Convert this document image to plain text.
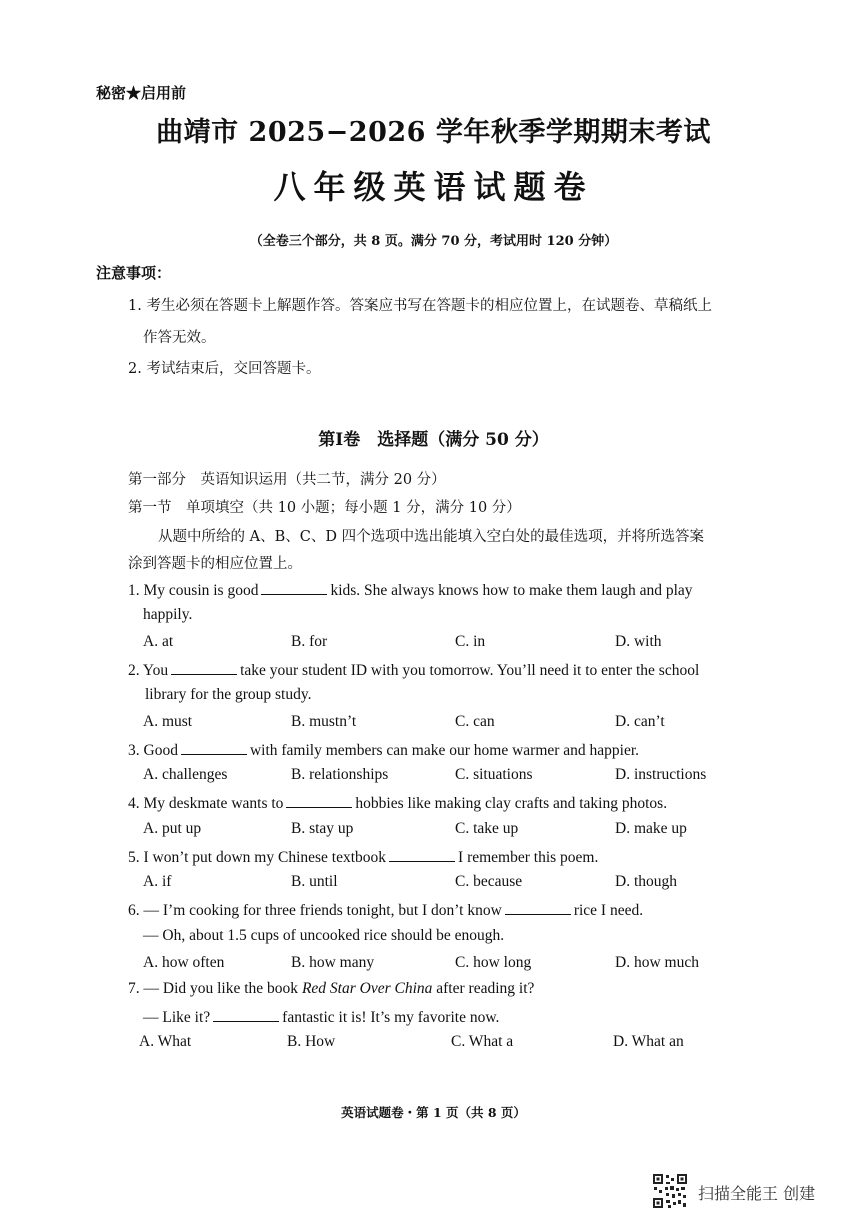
秘密★启用前
曲靖市 2025−2026 学年秋季学期期末考试
八年级英语试题卷
（全卷三个部分，共 8 页。满分 70 分，考试用时 120 分钟）
注意事项：
1. 考生必须在答题卡上解题作答。答案应书写在答题卡的相应位置上，在试题卷、草稿纸上
作答无效。
2. 考试结束后，交回答题卡。
第Ⅰ卷　选择题（满分 50 分）
第一部分　英语知识运用（共二节，满分 20 分）
第一节　单项填空（共 10 小题；每小题 1 分，满分 10 分）
从题中所给的 A、B、C、D 四个选项中选出能填入空白处的最佳选项，并将所选答案
涂到答题卡的相应位置上。
1. My cousin is good	kids. She always knows how to make them laugh and play
happily.
A. at	B. for	C. in	D. with
2. You	take your student ID with you tomorrow. You’ll need it to enter the school
library for the group study.
A. must	B. mustn’t	C. can	D. can’t
3. Good	with family members can make our home warmer and happier.
A. challenges	B. relationships	C. situations	D. instructions
4. My deskmate wants to	hobbies like making clay crafts and taking photos.
A. put up	B. stay up	C. take up	D. make up
5. I won’t put down my Chinese textbook	I remember this poem.
A. if	B. until	C. because	D. though
6. — I’m cooking for three friends tonight, but I don’t know	rice I need.
— Oh, about 1.5 cups of uncooked rice should be enough.
A. how often	B. how many	C. how long	D. how much
7. — Did you like the book Red Star Over China after reading it?
— Like it?	fantastic it is! It’s my favorite now.
A. What	B. How	C. What a	D. What an
英语试题卷・第 1 页（共 8 页）
扫描全能王 创建
